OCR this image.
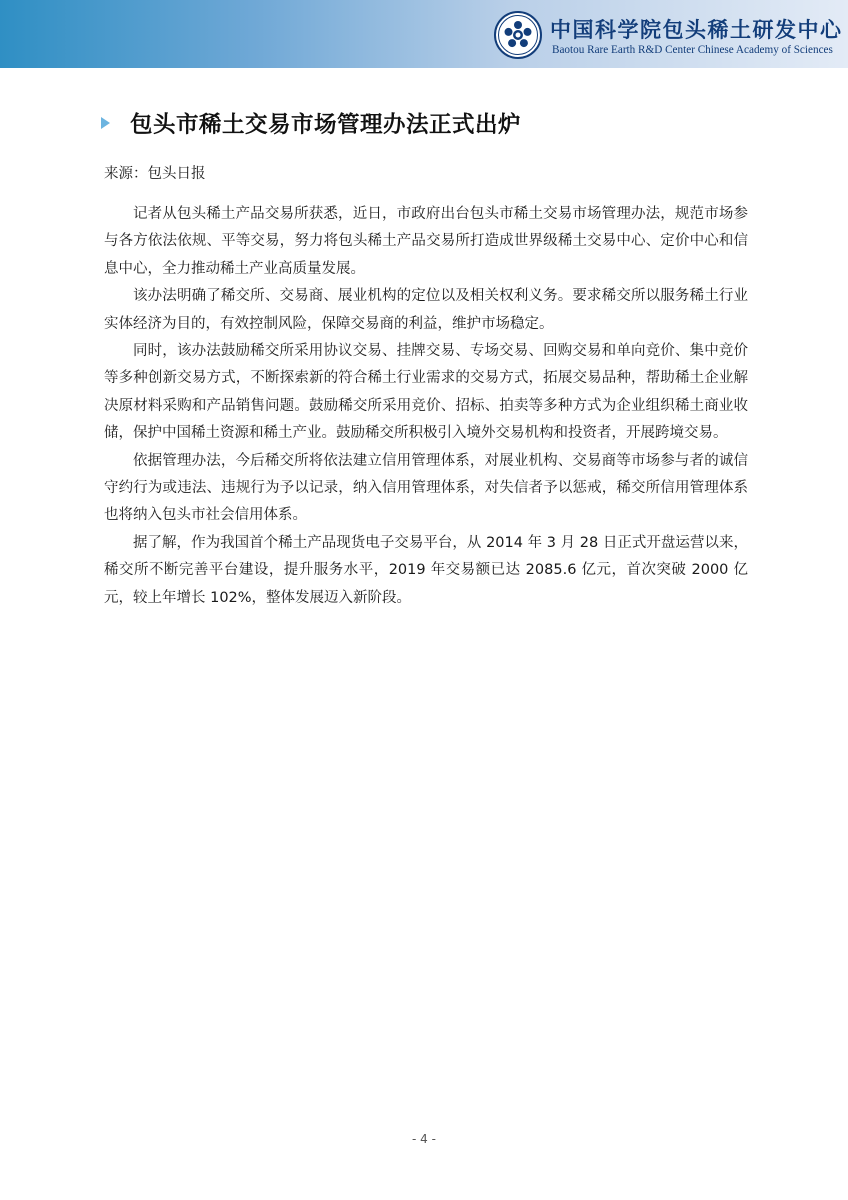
中国科学院包头稀土研发中心
Baotou Rare Earth R&D Center Chinese Academy of Sciences
包头市稀土交易市场管理办法正式出炉
来源：包头日报

记者从包头稀土产品交易所获悉，近日，市政府出台包头市稀土交易市场管理办法，规范市场参与各方依法依规、平等交易，努力将包头稀土产品交易所打造成世界级稀土交易中心、定价中心和信息中心，全力推动稀土产业高质量发展。

该办法明确了稀交所、交易商、展业机构的定位以及相关权利义务。要求稀交所以服务稀土行业实体经济为目的，有效控制风险，保障交易商的利益，维护市场稳定。

同时，该办法鼓励稀交所采用协议交易、挂牌交易、专场交易、回购交易和单向竞价、集中竞价等多种创新交易方式，不断探索新的符合稀土行业需求的交易方式，拓展交易品种，帮助稀土企业解决原材料采购和产品销售问题。鼓励稀交所采用竞价、招标、拍卖等多种方式为企业组织稀土商业收储，保护中国稀土资源和稀土产业。鼓励稀交所积极引入境外交易机构和投资者，开展跨境交易。

依据管理办法，今后稀交所将依法建立信用管理体系，对展业机构、交易商等市场参与者的诚信守约行为或违法、违规行为予以记录，纳入信用管理体系，对失信者予以惩戒，稀交所信用管理体系也将纳入包头市社会信用体系。

据了解，作为我国首个稀土产品现货电子交易平台，从 2014 年 3 月 28 日正式开盘运营以来，稀交所不断完善平台建设，提升服务水平，2019 年交易额已达 2085.6 亿元，首次突破 2000 亿元，较上年增长 102%，整体发展迈入新阶段。

- 4 -
